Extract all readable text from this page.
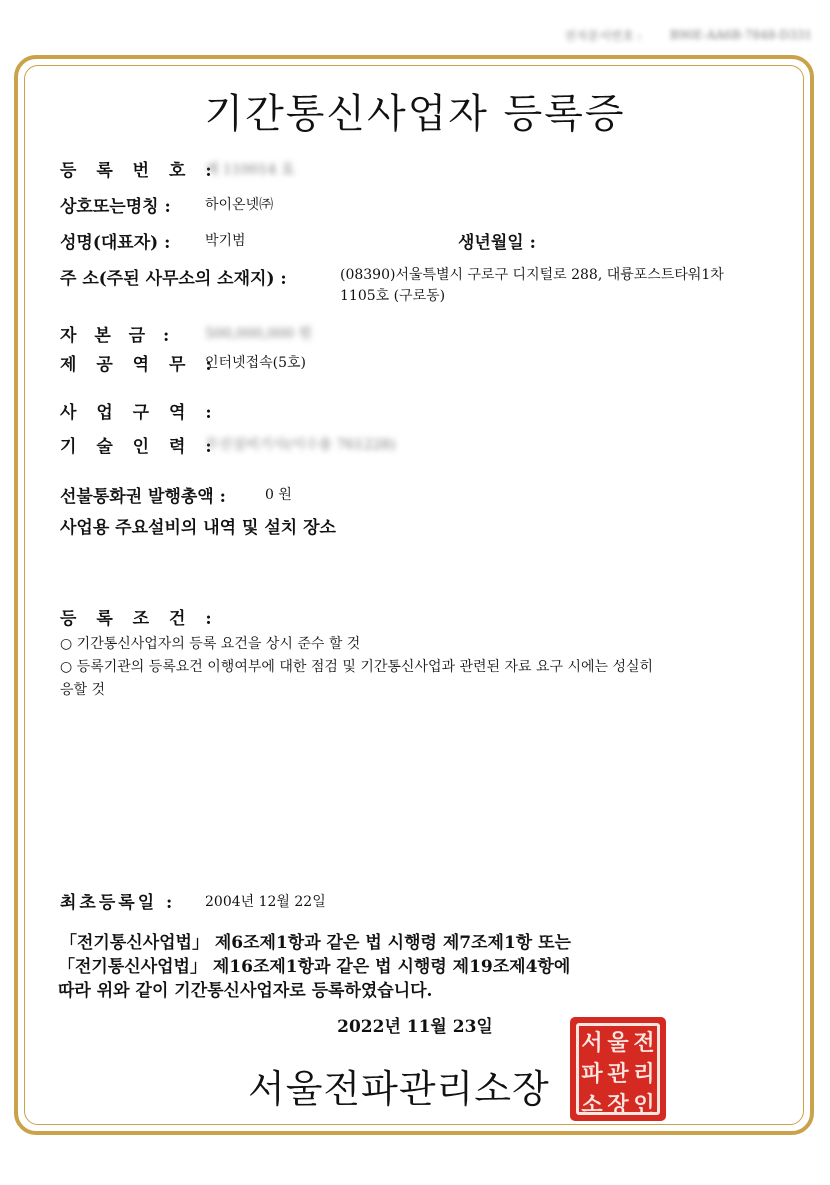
전자문서번호 : B90E-AA6B-7848-D331
기간통신사업자 등록증
등 록 번 호 :
제 110014 호
상호또는명칭 : 하이온넷㈜
성명(대표자) : 박기범	생년월일 :
주 소(주된 사무소의 소재지) :	(08390)서울특별시 구로구 디지털로 288, 대륭포스트타워1차
1105호 (구로동)
자 본 금 : 500,000,000 원
제 공 역 무 :
인터넷접속(5호)
사 업 구 역 :
기 술 인 력 :
무선설비기사(이수용 761228)
선불통화권 발행총액 :	0 원
사업용 주요설비의 내역 및 설치 장소
등 록 조 건 :
○ 기간통신사업자의 등록 요건을 상시 준수 할 것
○ 등록기관의 등록요건 이행여부에 대한 점검 및 기간통신사업과 관련된 자료 요구 시에는 성실히
응할 것
최초등록일 : 2004년 12월 22일
「전기통신사업법」 제6조제1항과 같은 법 시행령 제7조제1항 또는
「전기통신사업법」 제16조제1항과 같은 법 시행령 제19조제4항에
따라 위와 같이 기간통신사업자로 등록하였습니다.
2022년 11월 23일
서울전파관리소장
서 울 전
파 관 리
소 장 인
